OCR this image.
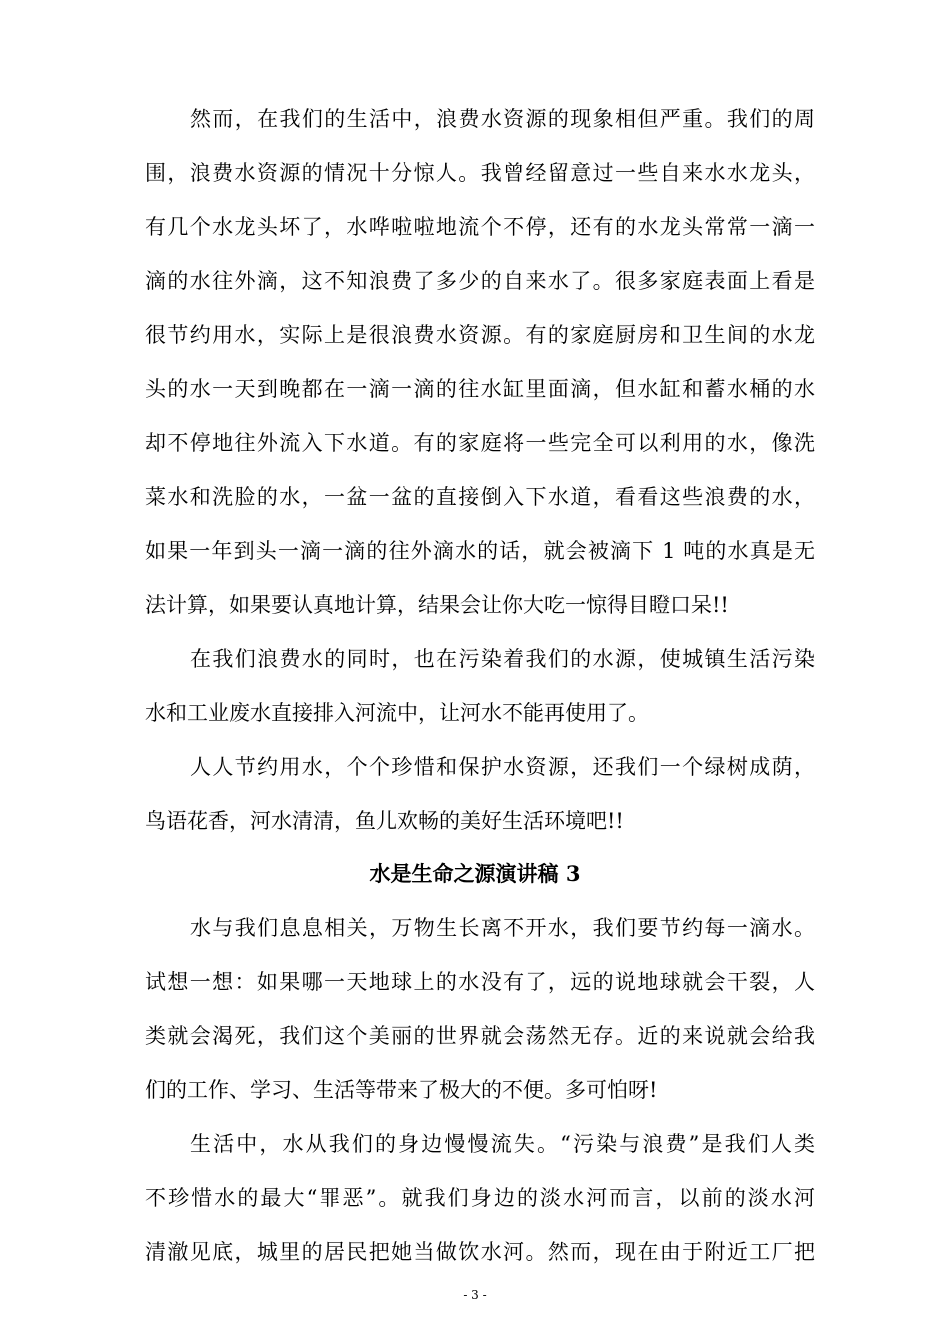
然而，在我们的生活中，浪费水资源的现象相但严重。我们的周
围，浪费水资源的情况十分惊人。我曾经留意过一些自来水水龙头，
有几个水龙头坏了，水哗啦啦地流个不停，还有的水龙头常常一滴一
滴的水往外滴，这不知浪费了多少的自来水了。很多家庭表面上看是
很节约用水，实际上是很浪费水资源。有的家庭厨房和卫生间的水龙
头的水一天到晚都在一滴一滴的往水缸里面滴，但水缸和蓄水桶的水
却不停地往外流入下水道。有的家庭将一些完全可以利用的水，像洗
菜水和洗脸的水，一盆一盆的直接倒入下水道，看看这些浪费的水，
如果一年到头一滴一滴的往外滴水的话，就会被滴下 1 吨的水真是无
法计算，如果要认真地计算，结果会让你大吃一惊得目瞪口呆!!
在我们浪费水的同时，也在污染着我们的水源，使城镇生活污染
水和工业废水直接排入河流中，让河水不能再使用了。
人人节约用水，个个珍惜和保护水资源，还我们一个绿树成荫，
鸟语花香，河水清清，鱼儿欢畅的美好生活环境吧!!
水是生命之源演讲稿 3
水与我们息息相关，万物生长离不开水，我们要节约每一滴水。
试想一想：如果哪一天地球上的水没有了，远的说地球就会干裂，人
类就会渴死，我们这个美丽的世界就会荡然无存。近的来说就会给我
们的工作、学习、生活等带来了极大的不便。多可怕呀!
生活中，水从我们的身边慢慢流失。“污染与浪费”是我们人类
不珍惜水的最大“罪恶”。就我们身边的淡水河而言，以前的淡水河
清澈见底，城里的居民把她当做饮水河。然而，现在由于附近工厂把
- 3 -
